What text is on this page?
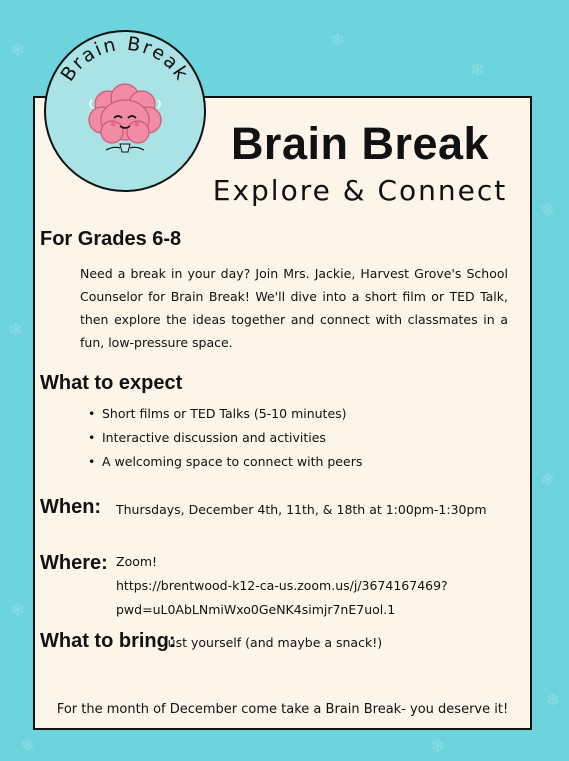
❄	❄
❄
❄
❄
❄
❄
❄	❄
❄
Brain Break
Brain Break
Explore & Connect
For Grades 6-8

Need a break in your day? Join Mrs. Jackie, Harvest Grove's School Counselor for Brain Break! We'll dive into a short film or TED Talk, then explore the ideas together and connect with classmates in a fun, low-pressure space.

What to expect
• Short films or TED Talks (5-10 minutes)
• Interactive discussion and activities
• A welcoming space to connect with peers
When: Thursdays, December 4th, 11th, & 18th at 1:00pm-1:30pm
Where: Zoom!
https://brentwood-k12-ca-us.zoom.us/j/3674167469?
pwd=uL0AbLNmiWxo0GeNK4simjr7nE7uol.1
What to bring:
Just yourself (and maybe a snack!)
For the month of December come take a Brain Break- you deserve it!
